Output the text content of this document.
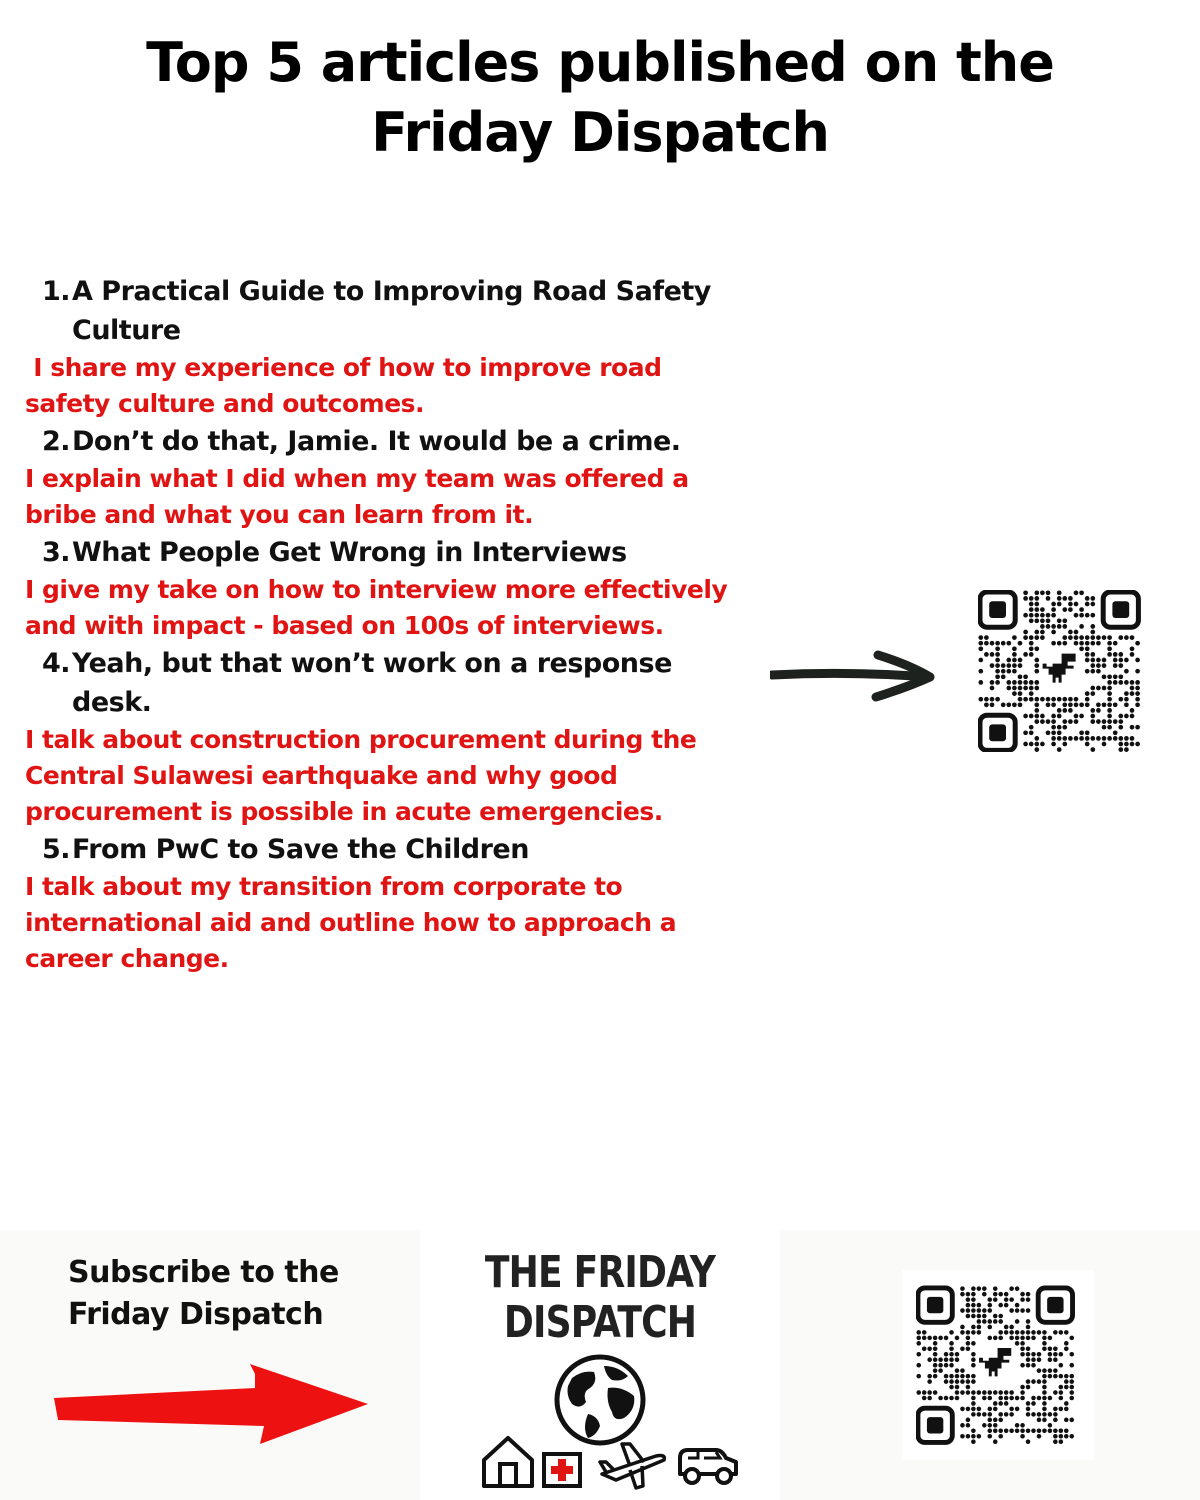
Top 5 articles published on the
Friday Dispatch
1. A Practical Guide to Improving Road Safety
Culture
I share my experience of how to improve road
safety culture and outcomes.
2. Don’t do that, Jamie. It would be a crime.
I explain what I did when my team was offered a
bribe and what you can learn from it.
3. What People Get Wrong in Interviews
I give my take on how to interview more effectively
and with impact - based on 100s of interviews.
4. Yeah, but that won’t work on a response
desk.
I talk about construction procurement during the
Central Sulawesi earthquake and why good
procurement is possible in acute emergencies.
5. From PwC to Save the Children
I talk about my transition from corporate to
international aid and outline how to approach a
career change.
Subscribe to the
Friday Dispatch
THE FRIDAY
DISPATCH
